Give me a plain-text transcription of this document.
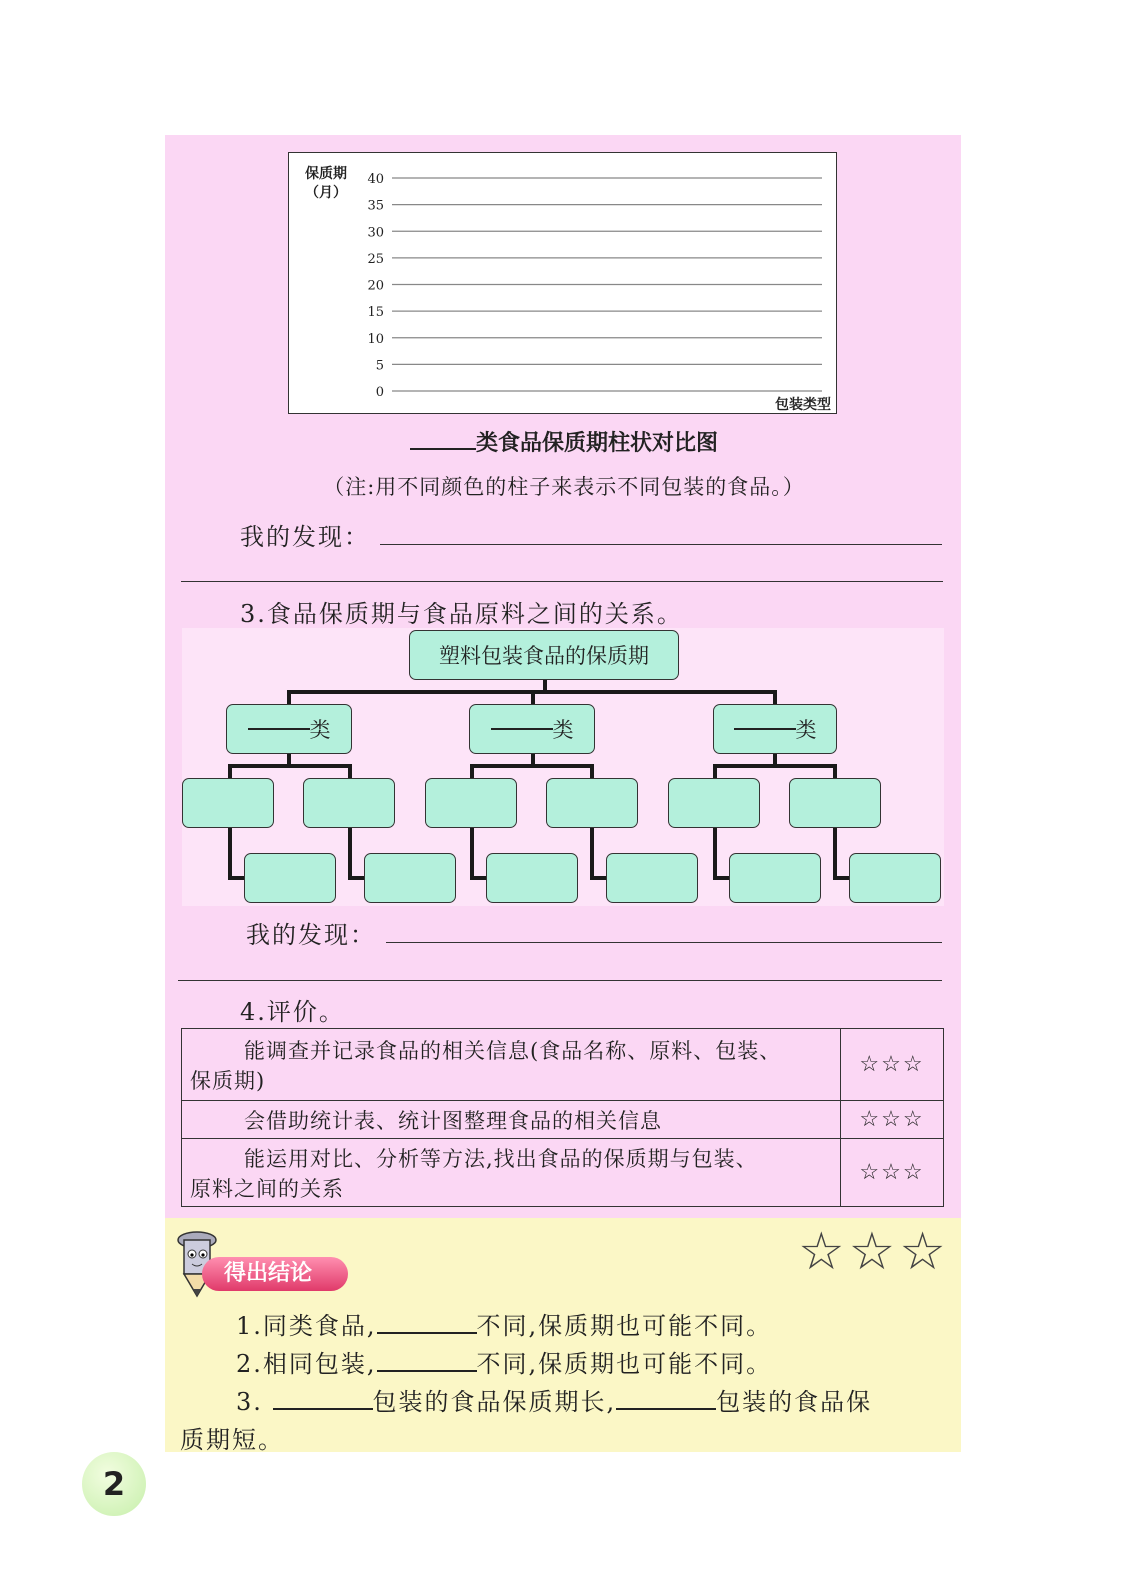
0
5
10
15
20
25
30
35
40
保质期
（月）
包装类型
类食品保质期柱状对比图
（注:用不同颜色的柱子来表示不同包装的食品。）
我的发现：
3.食品保质期与食品原料之间的关系。
塑料包装食品的保质期
类	类	类
我的发现：
4.评价。
能调查并记录食品的相关信息(食品名称、原料、包装、
保质期)	☆☆☆

会借助统计表、统计图整理食品的相关信息	☆☆☆

能运用对比、分析等方法,找出食品的保质期与包装、
原料之间的关系	☆☆☆
得出结论	☆☆☆
1.同类食品,	不同,保质期也可能不同。
2.相同包装,	不同,保质期也可能不同。
3.	包装的食品保质期长,	包装的食品保
质期短。
2
